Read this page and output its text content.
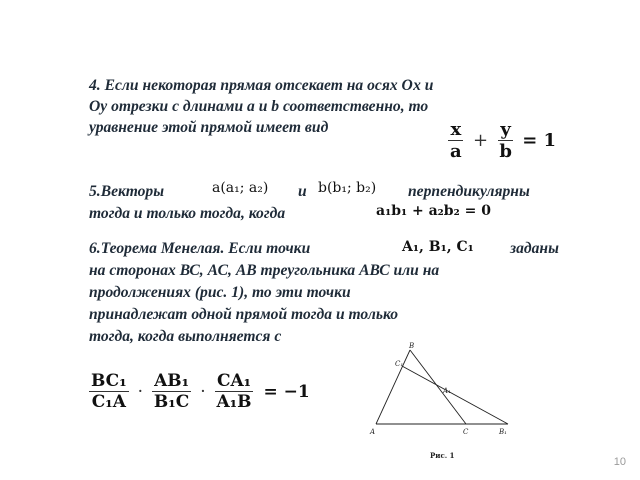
4. Если некоторая прямая отсекает на осях Ох и

Оу отрезки с длинами a и b соответственно, то

уравнение этой прямой имеет вид	$\frac{x}{a} + \frac{y}{b} = 1$

5.Векторы	a(a₁; a₂) и b(b₁; b₂) перпендикулярны

тогда и только тогда, когда	a₁b₁ + a₂b₂ = 0

6.Теорема Менелая. Если точки	A₁, B₁, C₁ заданы

на сторонах ВС, АС, АВ треугольника АВС или на

продолжениях (рис. 1), то эти точки

принадлежат одной прямой тогда и только

тогда, когда выполняется с

$\frac{\text{BC₁}}{\text{C₁A}} \cdot \frac{\text{AB₁}}{\text{B₁C}} \cdot \frac{\text{CA₁}}{\text{A₁B}} = -1$
B
C₁
A₁
A	C	B₁
Рис. 1
10
